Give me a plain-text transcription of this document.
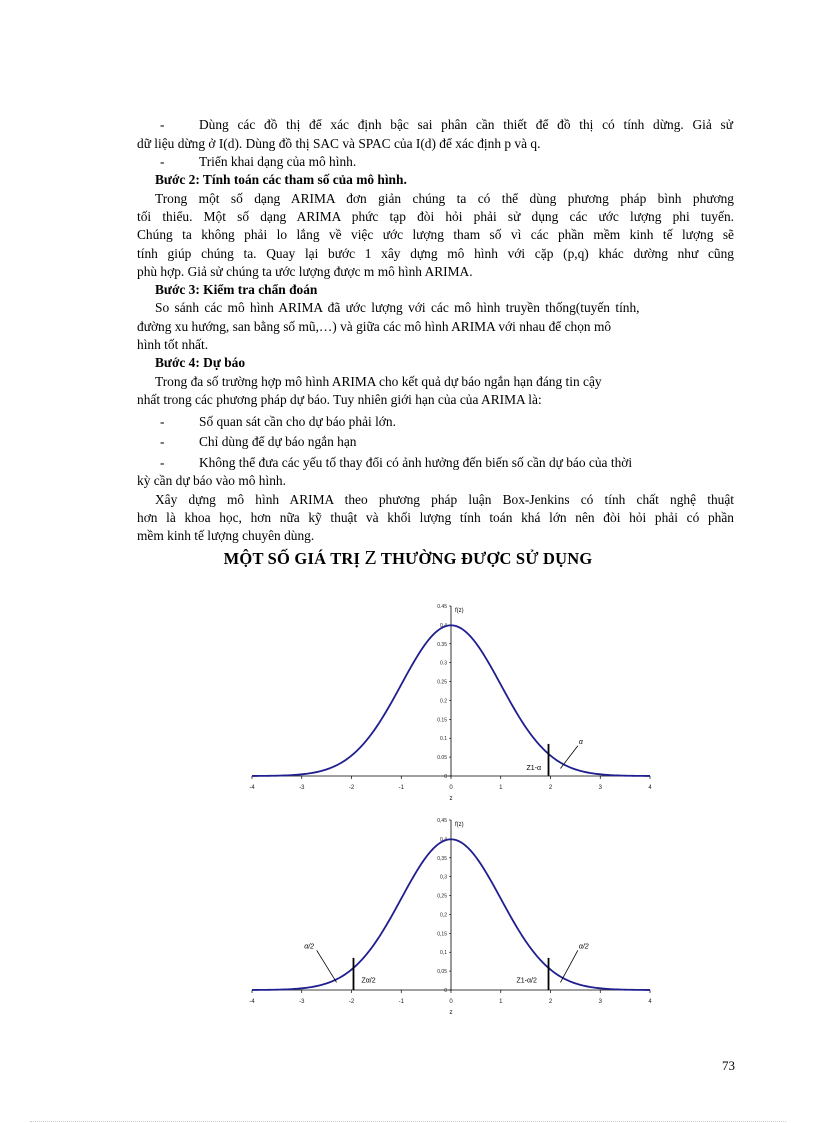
-	Dùng các đồ thị để xác định bậc sai phân cần thiết để đồ thị có tính dừng. Giả sử
dữ liệu dừng ở I(d). Dùng đồ thị SAC và SPAC của I(d) để xác định p và q.
-	Triển khai dạng của mô hình.
Bước 2: Tính toán các tham số của mô hình.
Trong một số dạng ARIMA đơn giản chúng ta có thể dùng phương pháp bình phương
tối thiểu. Một số dạng ARIMA phức tạp đòi hỏi phải sử dụng các ước lượng phi tuyến.
Chúng ta không phải lo lắng về việc ước lượng tham số vì các phần mềm kinh tế lượng sẽ
tính giúp chúng ta. Quay lại bước 1 xây dựng mô hình với cặp (p,q) khác dường như cũng
phù hợp. Giả sử chúng ta ước lượng được m mô hình ARIMA.
Bước 3: Kiểm tra chẩn đoán
So sánh các mô hình ARIMA đã ước lượng với các mô hình truyền thống(tuyến tính,
đường xu hướng, san bằng số mũ,…) và giữa các mô hình ARIMA với nhau để chọn mô
hình tốt nhất.
Bước 4: Dự báo
Trong đa số trường hợp mô hình ARIMA cho kết quả dự báo ngắn hạn đáng tin cậy
nhất trong các phương pháp dự báo. Tuy nhiên giới hạn của của ARIMA là:
-	Số quan sát cần cho dự báo phải lớn.
-	Chỉ dùng để dự báo ngắn hạn
-	Không thể đưa các yếu tố thay đổi có ảnh hưởng đến biến số cần dự báo của thời
kỳ cần dự báo vào mô hình.
Xây dựng mô hình ARIMA theo phương pháp luận Box-Jenkins có tính chất nghệ thuật
hơn là khoa học, hơn nữa kỹ thuật và khối lượng tính toán khá lớn nên đòi hỏi phải có phần
mềm kinh tế lượng chuyên dùng.
MỘT SỐ GIÁ TRỊ Z THƯỜNG ĐƯỢC SỬ DỤNG
-4	-3	-2	-1	0	1	2	3	4
0
0.05
0.1
0.15
0.2
0.25
0.3
0.35
0.4
0.45
f(z)
z
Z1-α
α
-4	-3	-2	-1	0	1	2	3	4
0
0,05
0,1
0,15
0,2
0,25
0,3
0,35
0,4
0,45
f(z)
z
Zα/2	Z1-α/2
α/2	α/2
73
